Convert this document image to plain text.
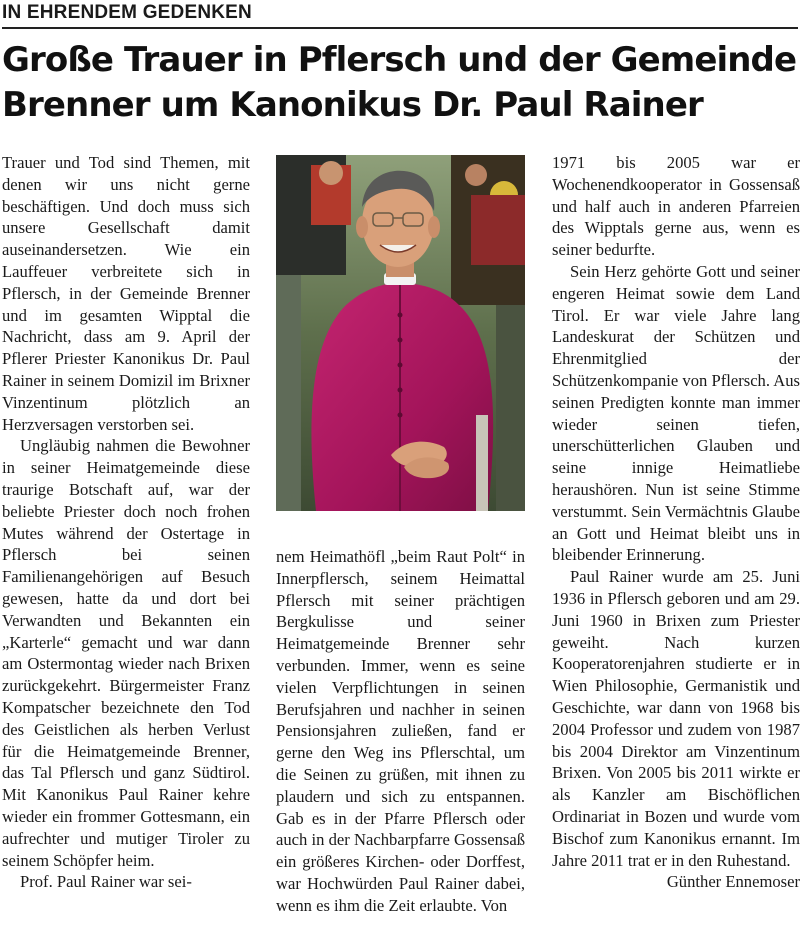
IN EHRENDEM GEDENKEN
Große Trauer in Pflersch und der Gemeinde
Brenner um Kanonikus Dr. Paul Rainer

Trauer und Tod sind Themen, mit denen wir uns nicht gerne beschäftigen. Und doch muss sich unsere Gesellschaft damit auseinandersetzen. Wie ein Lauffeuer verbreitete sich in Pflersch, in der Gemeinde Brenner und im gesamten Wipptal die Nachricht, dass am 9. April der Pflerer Priester Kanonikus Dr. Paul Rainer in seinem Domizil im Brixner Vinzentinum plötzlich an Herzversagen verstorben sei.

Ungläubig nahmen die Bewohner in seiner Heimatgemeinde diese traurige Botschaft auf, war der beliebte Priester doch noch frohen Mutes während der Ostertage in Pflersch bei seinen Familienangehörigen auf Besuch gewesen, hatte da und dort bei Verwandten und Bekannten ein „Karterle“ gemacht und war dann am Ostermontag wieder nach Brixen zurückgekehrt. Bürgermeister Franz Kompatscher bezeichnete den Tod des Geistlichen als herben Verlust für die Heimatgemeinde Brenner, das Tal Pflersch und ganz Südtirol. Mit Kanonikus Paul Rainer kehre wieder ein frommer Gottesmann, ein aufrechter und mutiger Tiroler zu seinem Schöpfer heim.

Prof. Paul Rainer war sei-

nem Heimathöfl „beim Raut Polt“ in Innerpflersch, seinem Heimattal Pflersch mit seiner prächtigen Bergkulisse und seiner Heimatgemeinde Brenner sehr verbunden. Immer, wenn es seine vielen Verpflichtungen in seinen Berufsjahren und nachher in seinen Pensionsjahren zuließen, fand er gerne den Weg ins Pflerschtal, um die Seinen zu grüßen, mit ihnen zu plaudern und sich zu entspannen. Gab es in der Pfarre Pflersch oder auch in der Nachbarpfarre Gossensaß ein größeres Kirchen- oder Dorffest, war Hochwürden Paul Rainer dabei, wenn es ihm die Zeit erlaubte. Von

1971 bis 2005 war er Wochenendkooperator in Gossensaß und half auch in anderen Pfarreien des Wipptals gerne aus, wenn es seiner bedurfte.

Sein Herz gehörte Gott und seiner engeren Heimat sowie dem Land Tirol. Er war viele Jahre lang Landeskurat der Schützen und Ehrenmitglied der Schützenkompanie von Pflersch. Aus seinen Predigten konnte man immer wieder seinen tiefen, unerschütterlichen Glauben und seine innige Heimatliebe heraushören. Nun ist seine Stimme verstummt. Sein Vermächtnis Glaube an Gott und Heimat bleibt uns in bleibender Erinnerung.

Paul Rainer wurde am 25. Juni 1936 in Pflersch geboren und am 29. Juni 1960 in Brixen zum Priester geweiht. Nach kurzen Kooperatorenjahren studierte er in Wien Philosophie, Germanistik und Geschichte, war dann von 1968 bis 2004 Professor und zudem von 1987 bis 2004 Direktor am Vinzentinum Brixen. Von 2005 bis 2011 wirkte er als Kanzler am Bischöflichen Ordinariat in Bozen und wurde vom Bischof zum Kanonikus ernannt. Im Jahre 2011 trat er in den Ruhestand.

Günther Ennemoser
